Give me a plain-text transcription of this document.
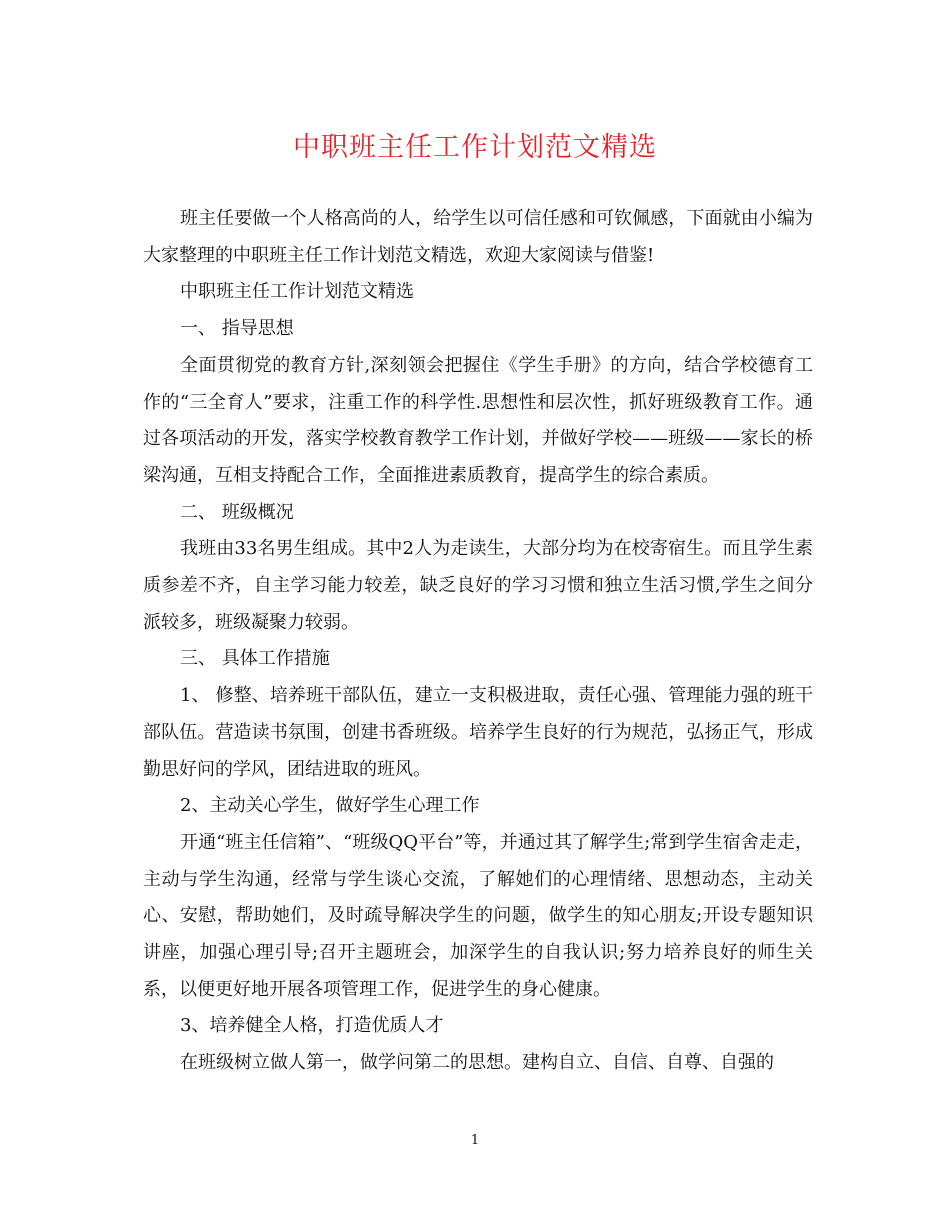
中职班主任工作计划范文精选

班主任要做一个人格高尚的人，给学生以可信任感和可钦佩感，下面就由小编为大家整理的中职班主任工作计划范文精选，欢迎大家阅读与借鉴!

中职班主任工作计划范文精选

一、 指导思想

全面贯彻党的教育方针,深刻领会把握住《学生手册》的方向，结合学校德育工作的“三全育人”要求，注重工作的科学性.思想性和层次性，抓好班级教育工作。通过各项活动的开发，落实学校教育教学工作计划，并做好学校——班级——家长的桥梁沟通，互相支持配合工作，全面推进素质教育，提高学生的综合素质。

二、 班级概况

我班由33名男生组成。其中2人为走读生，大部分均为在校寄宿生。而且学生素质参差不齐，自主学习能力较差，缺乏良好的学习习惯和独立生活习惯,学生之间分派较多，班级凝聚力较弱。

三、 具体工作措施

1、 修整、培养班干部队伍，建立一支积极进取，责任心强、管理能力强的班干部队伍。营造读书氛围，创建书香班级。培养学生良好的行为规范，弘扬正气，形成勤思好问的学风，团结进取的班风。

2、主动关心学生，做好学生心理工作

开通“班主任信箱”、“班级QQ平台”等，并通过其了解学生;常到学生宿舍走走，主动与学生沟通，经常与学生谈心交流，了解她们的心理情绪、思想动态，主动关心、安慰，帮助她们，及时疏导解决学生的问题，做学生的知心朋友;开设专题知识讲座，加强心理引导;召开主题班会，加深学生的自我认识;努力培养良好的师生关系，以便更好地开展各项管理工作，促进学生的身心健康。

3、培养健全人格，打造优质人才

在班级树立做人第一，做学问第二的思想。建构自立、自信、自尊、自强的

1
